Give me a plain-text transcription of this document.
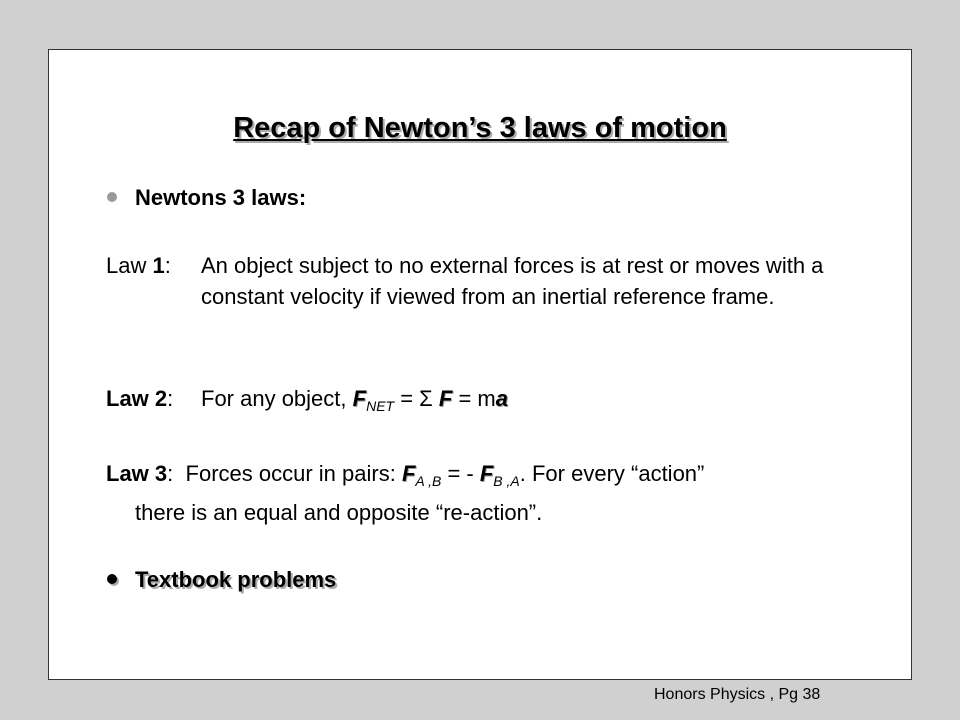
Recap of Newton’s 3 laws of motion
Newtons 3 laws:
Law 1: An object subject to no external forces is at rest or moves with a constant velocity if viewed from an inertial reference frame.
Law 2: For any object, $F_{NET} = \Sigma$ F = ma
Law 3: Forces occur in pairs: $F_{A ,B}$ = - $F_{B ,A}$. For every “action”
there is an equal and opposite “re-action”.
Textbook problems
Honors Physics , Pg 38
